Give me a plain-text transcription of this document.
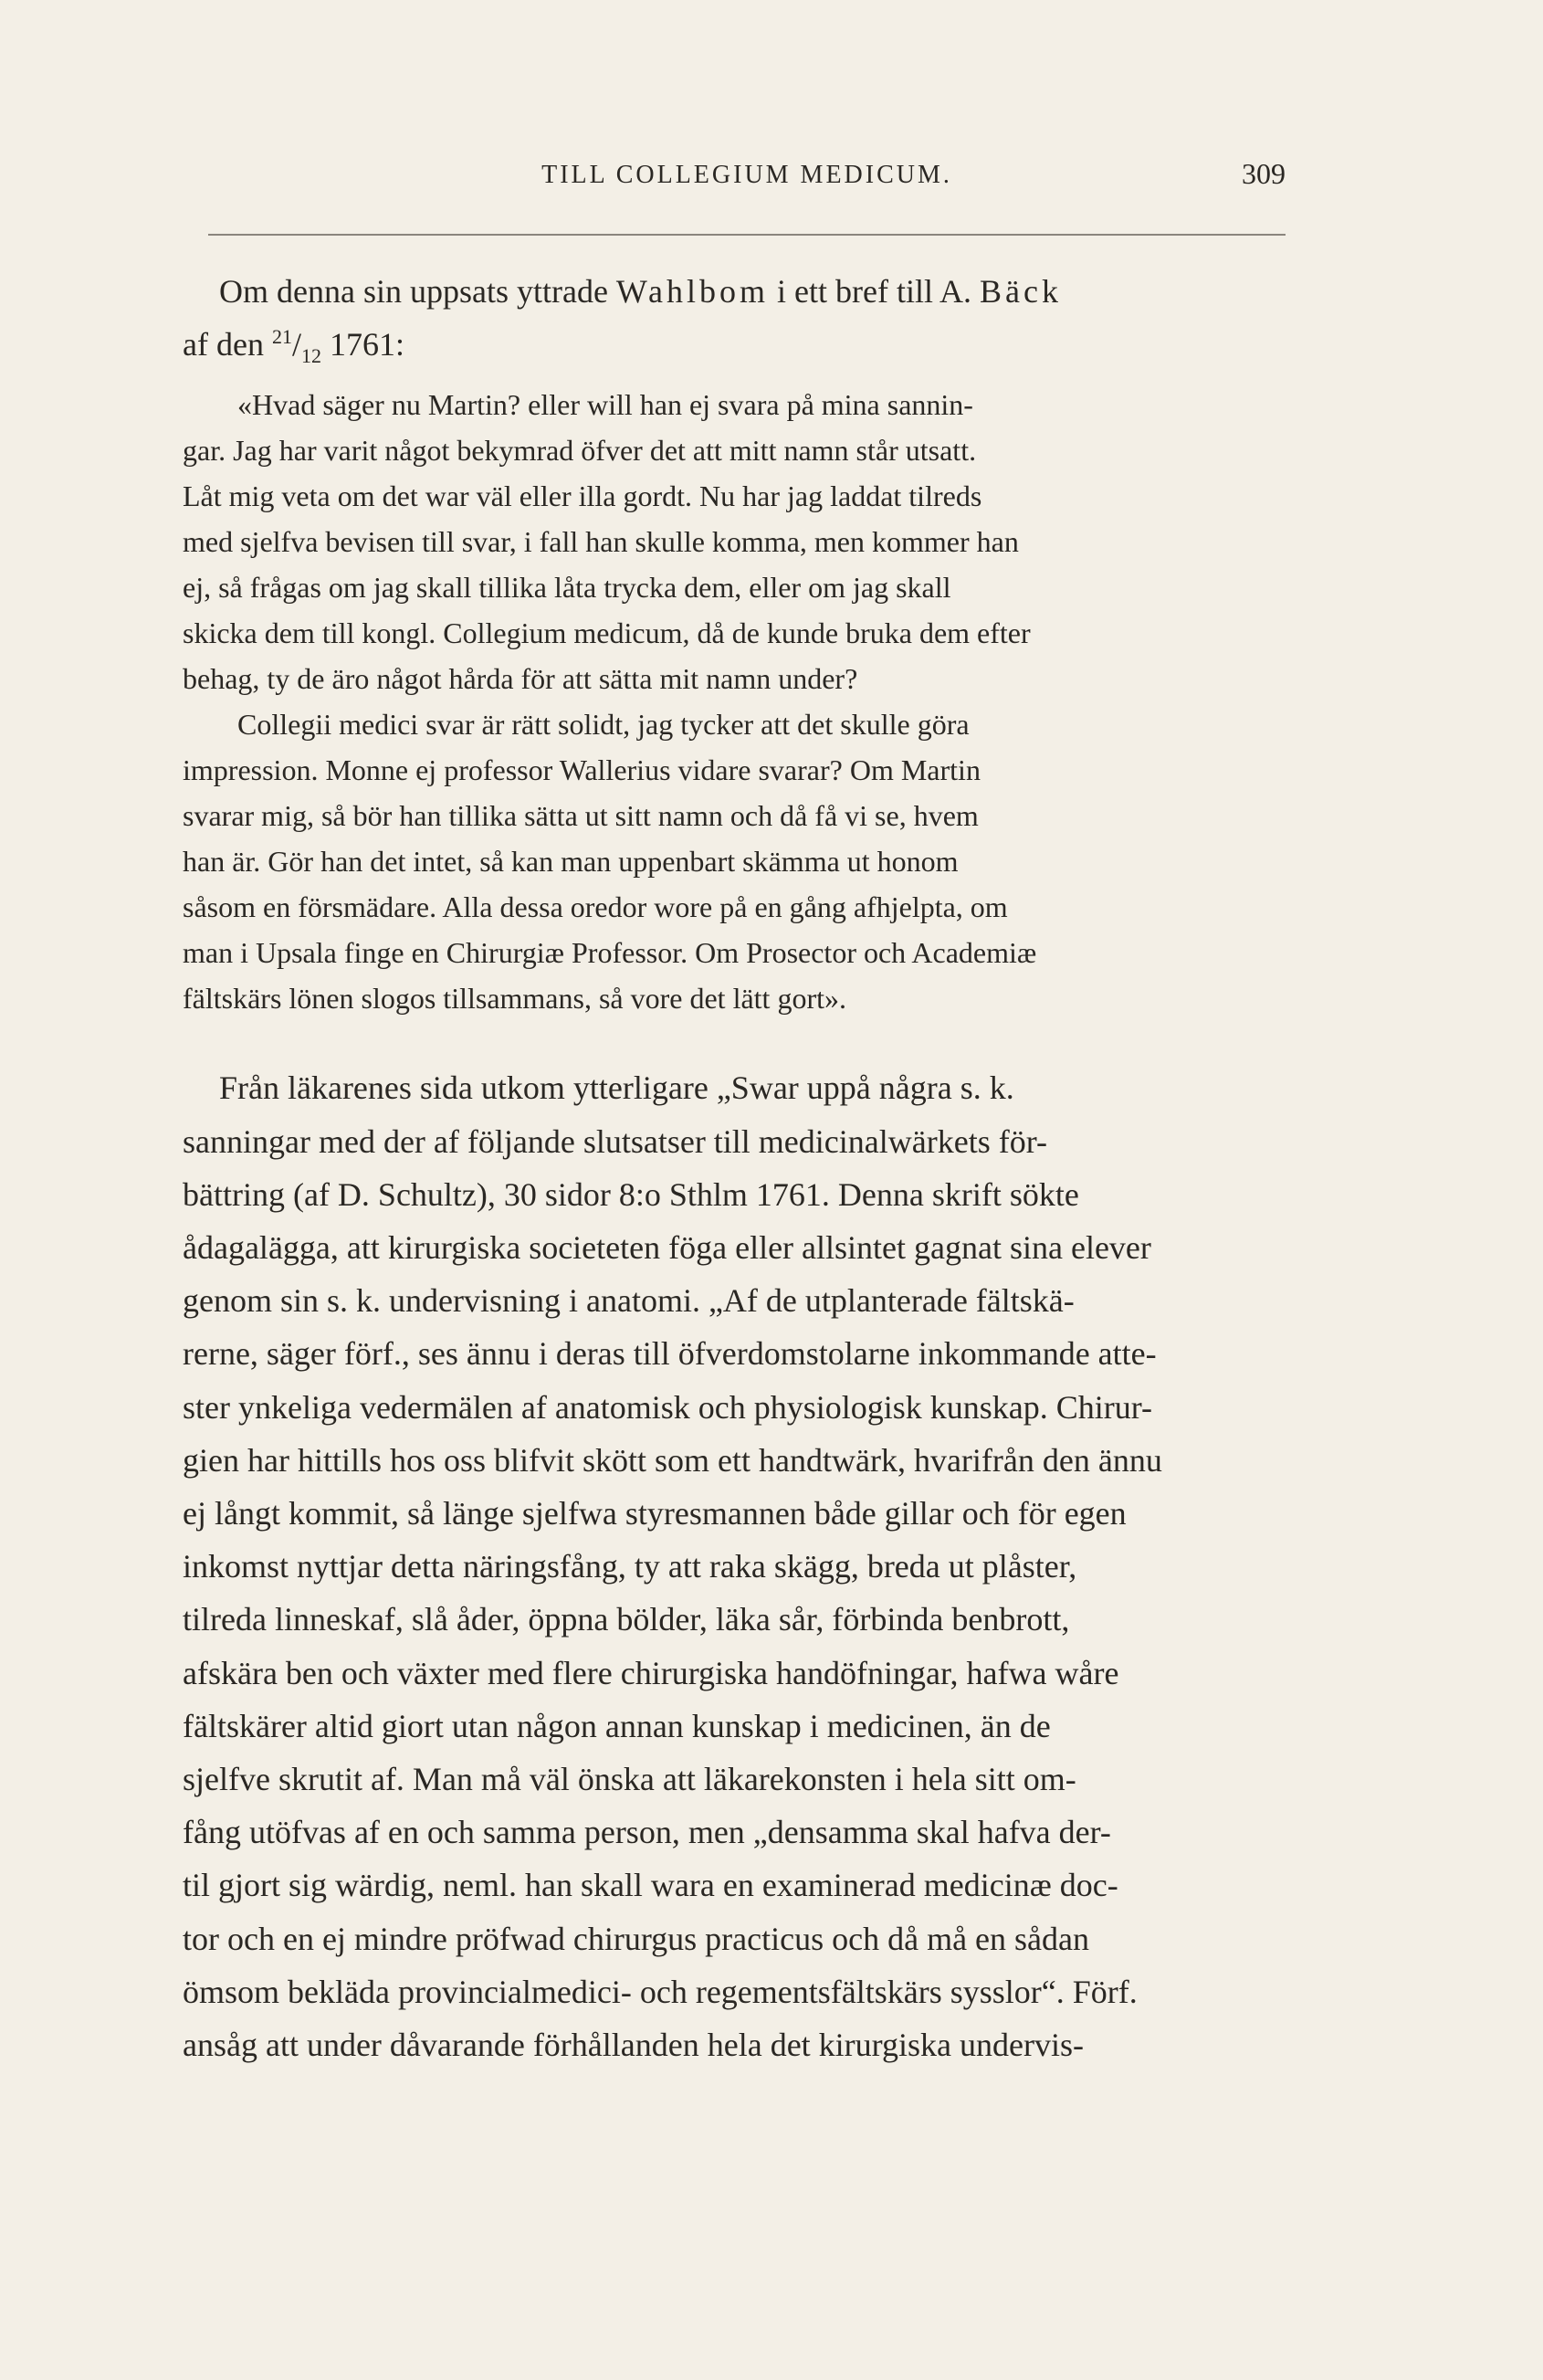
TILL COLLEGIUM MEDICUM.	309

Om denna sin uppsats yttrade Wahlbom i ett bref till A. Bäck

af den $^{21}/_{12}$ 1761:

«Hvad säger nu Martin? eller will han ej svara på mina sannin-
gar. Jag har varit något bekymrad öfver det att mitt namn står utsatt.
Låt mig veta om det war väl eller illa gordt. Nu har jag laddat tilreds
med sjelfva bevisen till svar, i fall han skulle komma, men kommer han
ej, så frågas om jag skall tillika låta trycka dem, eller om jag skall
skicka dem till kongl. Collegium medicum, då de kunde bruka dem efter
behag, ty de äro något hårda för att sätta mit namn under?
Collegii medici svar är rätt solidt, jag tycker att det skulle göra
impression. Monne ej professor Wallerius vidare svarar? Om Martin
svarar mig, så bör han tillika sätta ut sitt namn och då få vi se, hvem
han är. Gör han det intet, så kan man uppenbart skämma ut honom
såsom en försmädare. Alla dessa oredor wore på en gång afhjelpta, om
man i Upsala finge en Chirurgiæ Professor. Om Prosector och Academiæ
fältskärs lönen slogos tillsammans, så vore det lätt gort».
Från läkarenes sida utkom ytterligare „Swar uppå några s. k.
sanningar med der af följande slutsatser till medicinalwärkets för-
bättring (af D. Schultz), 30 sidor 8:o Sthlm 1761. Denna skrift sökte
ådagalägga, att kirurgiska societeten föga eller allsintet gagnat sina elever
genom sin s. k. undervisning i anatomi. „Af de utplanterade fältskä-
rerne, säger förf., ses ännu i deras till öfverdomstolarne inkommande atte-
ster ynkeliga vedermälen af anatomisk och physiologisk kunskap. Chirur-
gien har hittills hos oss blifvit skött som ett handtwärk, hvarifrån den ännu
ej långt kommit, så länge sjelfwa styresmannen både gillar och för egen
inkomst nyttjar detta näringsfång, ty att raka skägg, breda ut plåster,
tilreda linneskaf, slå åder, öppna bölder, läka sår, förbinda benbrott,
afskära ben och växter med flere chirurgiska handöfningar, hafwa wåre
fältskärer altid giort utan någon annan kunskap i medicinen, än de
sjelfve skrutit af. Man må väl önska att läkarekonsten i hela sitt om-
fång utöfvas af en och samma person, men „densamma skal hafva der-
til gjort sig wärdig, neml. han skall wara en examinerad medicinæ doc-
tor och en ej mindre pröfwad chirurgus practicus och då må en sådan
ömsom bekläda provincialmedici- och regementsfältskärs sysslor“. Förf.
ansåg att under dåvarande förhållanden hela det kirurgiska undervis-
